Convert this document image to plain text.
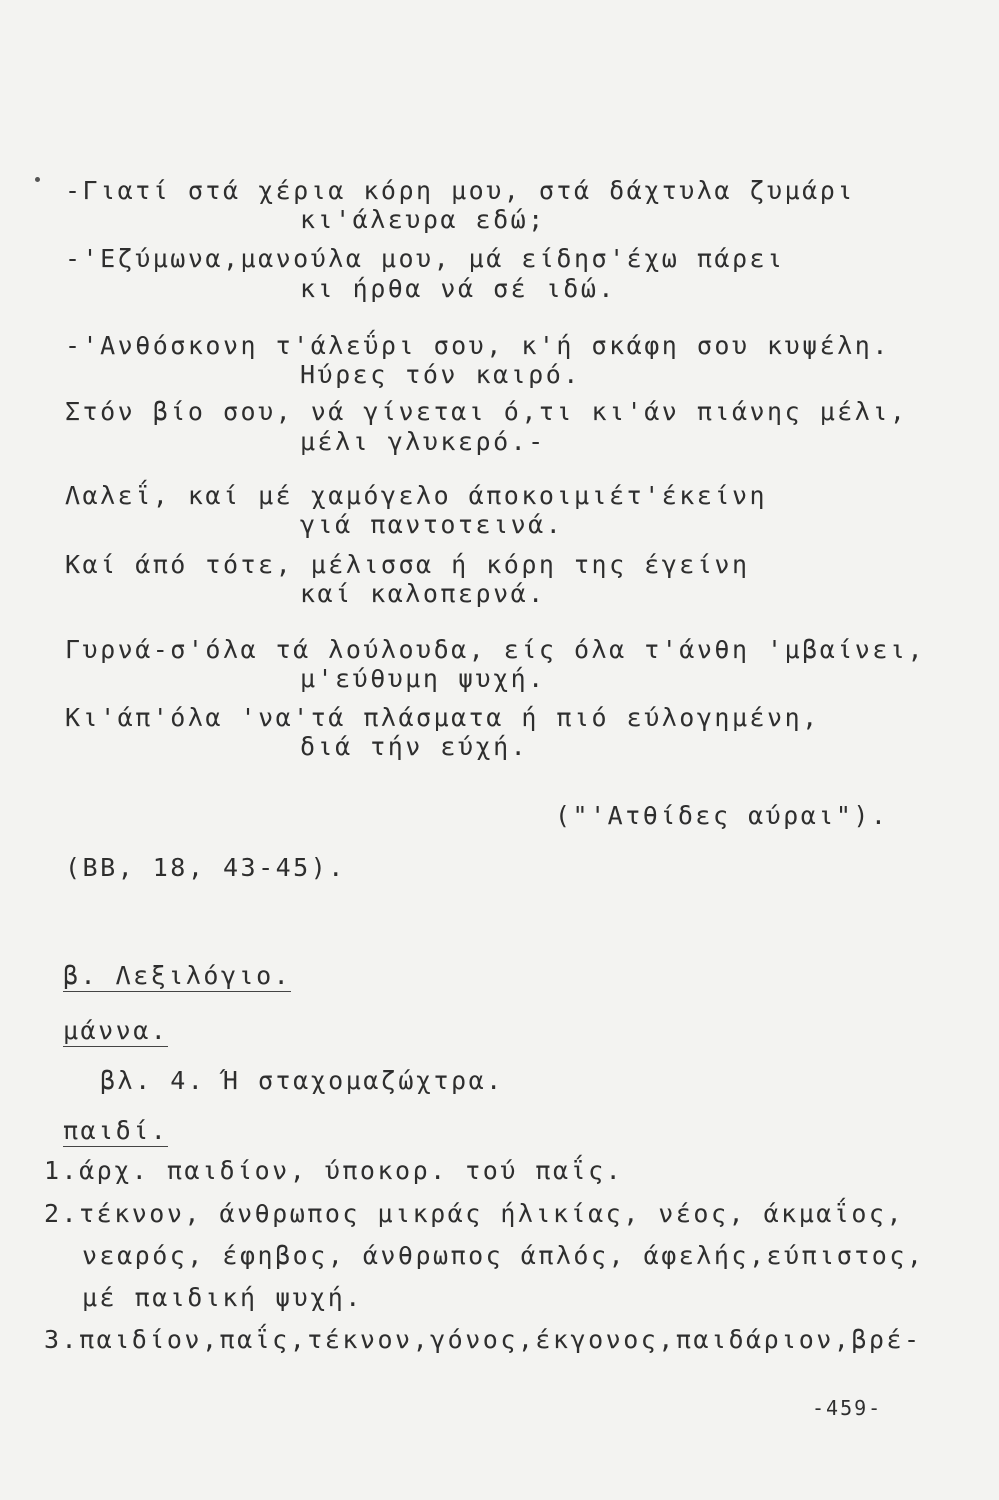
-Γιατί στά χέρια κόρη μου, στά δάχτυλα ζυμάρι
κι'άλευρα εδώ;
-'Εζύμωνα,μανούλα μου, μά είδησ'έχω πάρει
κι ήρθα νά σέ ιδώ.
-'Ανθόσκονη τ'άλεΰρι σου, κ'ή σκάφη σου κυψέλη.
Ηύρες τόν καιρό.
Στόν βίο σου, νά γίνεται ό,τι κι'άν πιάνης μέλι,
μέλι γλυκερό.-
Λαλεΐ, καί μέ χαμόγελο άποκοιμιέτ'έκείνη
γιά παντοτεινά.
Καί άπό τότε, μέλισσα ή κόρη της έγείνη
καί καλοπερνά.
Γυρνά-σ'όλα τά λούλουδα, είς όλα τ'άνθη 'μβαίνει,
μ'εύθυμη ψυχή.
Κι'άπ'όλα 'να'τά πλάσματα ή πιό εύλογημένη,
διά τήν εύχή.
("'Ατθίδες αύραι").
(ΒΒ, 18, 43-45).
β. Λεξιλόγιο.
μάννα.
βλ. 4. Ή σταχομαζώχτρα.
παιδί.
1.άρχ. παιδίον, ύποκορ. τού παΐς.
2.τέκνον, άνθρωπος μικράς ήλικίας, νέος, άκμαΐος,
νεαρός, έφηβος, άνθρωπος άπλός, άφελής,εύπιστος,
μέ παιδική ψυχή.
3.παιδίον,παΐς,τέκνον,γόνος,έκγονος,παιδάριον,βρέ-
-459-
